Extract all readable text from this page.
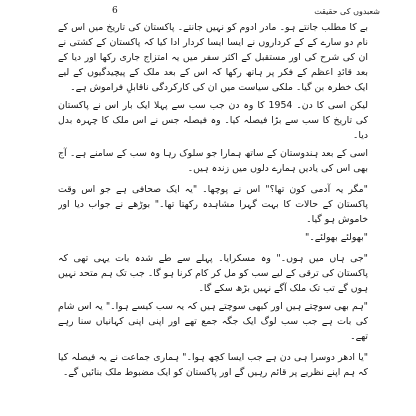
شعبدوں کی حقیقت
6

بے کا مطلب جانتے ہو۔ مادر ادوم کو نہیں جانتے۔ پاکستان کی تاریخ میں اس کے نام دو سارے کے کے کرداروں نے ایسا ایسا کردار ادا کیا کہ پاکستان کے کشتی نے ان کی شرح کی اور مستقبل کے اکثر سفر میں یہ امتزاج جاری رکھا اور دیا کے بعد قائدِ اعظم کے فکر پر ہاتھ رکھا کہ اس کے بعد ملک کے پیچیدگیوں کے لیے ایک خطرہ بن گیا۔ ملکی سیاست میں ان کی کارکردگی ناقابلِ فراموش ہے۔

لیکن اسی کا دن۔ 1954 کا وہ دن جب سب سے پہلا ایک بار اس نے پاکستان کی تاریخ کا سب سے بڑا فیصلہ کیا۔ وہ فیصلہ جس نے اس ملک کا چہرہ بدل دیا۔

اسی کے بعد ہندوستان کے ساتھ ہمارا جو سلوک رہا وہ سب کے سامنے ہے۔ آج بھی اس کی یادیں ہمارے دلوں میں زندہ ہیں۔

"مگر یہ آدمی کون تھا؟" اس نے پوچھا۔ "یہ ایک صحافی ہے جو اس وقت پاکستان کے حالات کا بہت گہرا مشاہدہ رکھتا تھا۔" بوڑھے نے جواب دیا اور خاموش ہو گیا۔

"بھولئے بھولئے۔"

"جی ہاں میں ہوں۔" وہ مسکرایا۔ پہلے سے طے شدہ بات یہی تھی کہ پاکستان کی ترقی کے لیے سب کو مل کر کام کرنا ہو گا۔ جب تک ہم متحد نہیں ہوں گے تب تک ملک آگے نہیں بڑھ سکے گا۔

"ہم بھی سوچتے ہیں اور کبھی سوچتے ہیں کہ یہ سب کیسے ہوا۔" یہ اس شام کی بات ہے جب سب لوگ ایک جگہ جمع تھے اور اپنی اپنی کہانیاں سنا رہے تھے۔

"یا ادھر دوسرا ہی دن ہے جب ایسا کچھ ہوا۔" ہماری جماعت نے یہ فیصلہ کیا کہ ہم اپنے نظریے پر قائم رہیں گے اور پاکستان کو ایک مضبوط ملک بنائیں گے۔
